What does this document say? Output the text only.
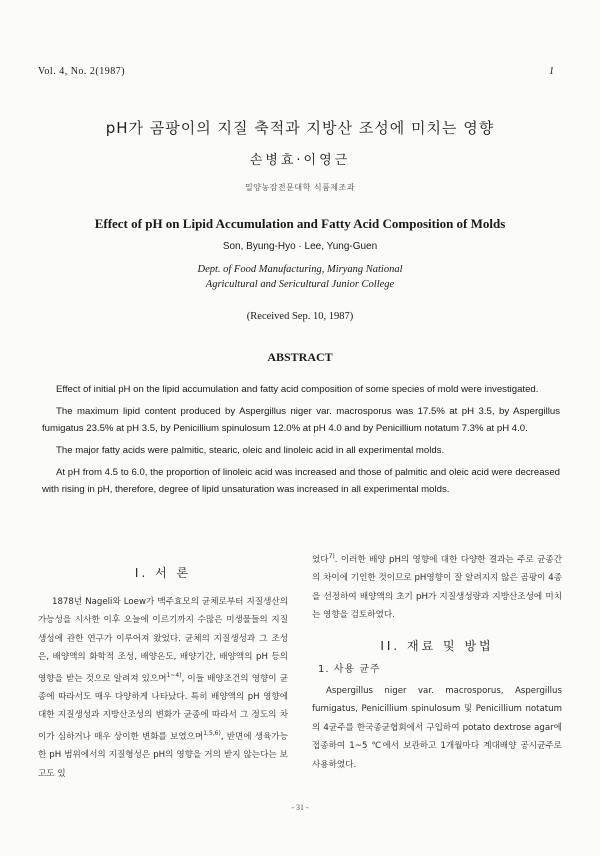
Vol. 4, No. 2(1987)	1
pH가 곰팡이의 지질 축적과 지방산 조성에 미치는 영향
손병효·이영근
밀양농잠전문대학 식품제조과
Effect of pH on Lipid Accumulation and Fatty Acid Composition of Molds
Son, Byung-Hyo · Lee, Yung-Guen
Dept. of Food Manufacturing, Miryang National
Agricultural and Sericultural Junior College
(Received Sep. 10, 1987)
ABSTRACT

Effect of initial pH on the lipid accumulation and fatty acid composition of some species of mold were investigated.

The maximum lipid content produced by Aspergillus niger var. macrosporus was 17.5% at pH 3.5, by Aspergillus fumigatus 23.5% at pH 3.5, by Penicillium spinulosum 12.0% at pH 4.0 and by Penicillium notatum 7.3% at pH 4.0.

The major fatty acids were palmitic, stearic, oleic and linoleic acid in all experimental molds.

At pH from 4.5 to 6.0, the proportion of linoleic acid was increased and those of palmitic and oleic acid were decreased with rising in pH, therefore, degree of lipid unsaturation was increased in all experimental molds.

I. 서 론

1878년 Nageli와 Loew가 맥주효모의 균체로부터 지질생산의 가능성을 시사한 이후 오늘에 이르기까지 수많은 미생물들의 지질생성에 관한 연구가 이루어져 왔었다. 균체의 지질생성과 그 조성은, 배양액의 화학적 조성, 배양온도, 배양기간, 배양액의 pH 등의 영향을 받는 것으로 알려져 있으며$^{1\sim 4)}$, 이들 배양조건의 영향이 균종에 따라서도 매우 다양하게 나타났다. 특히 배양액의 pH 영향에 대한 지질생성과 지방산조성의 변화가 균종에 따라서 그 정도의 차이가 심하거나 매우 상이한 변화를 보였으며$^{1,5,6)}$, 반면에 생육가능한 pH 범위에서의 지질형성은 pH의 영향을 거의 받지 않는다는 보고도 있

었다$^{7)}$. 이러한 배양 pH의 영향에 대한 다양한 결과는 주로 균종간의 차이에 기인한 것이므로 pH영향이 잘 알려지지 않은 곰팡이 4종을 선정하여 배양액의 초기 pH가 지질생성량과 지방산조성에 미치는 영향을 검토하였다.

II. 재료 및 방법
1. 사용 균주

Aspergillus niger var. macrosporus, Aspergillus fumigatus, Penicillium spinulosum 및 Penicillium notatum의 4균주를 한국종균협회에서 구입하여 potato dextrose agar에 접종하여 1~5 ℃에서 보관하고 1개월마다 계대배양 공시균주로 사용하였다.

- 31 -
